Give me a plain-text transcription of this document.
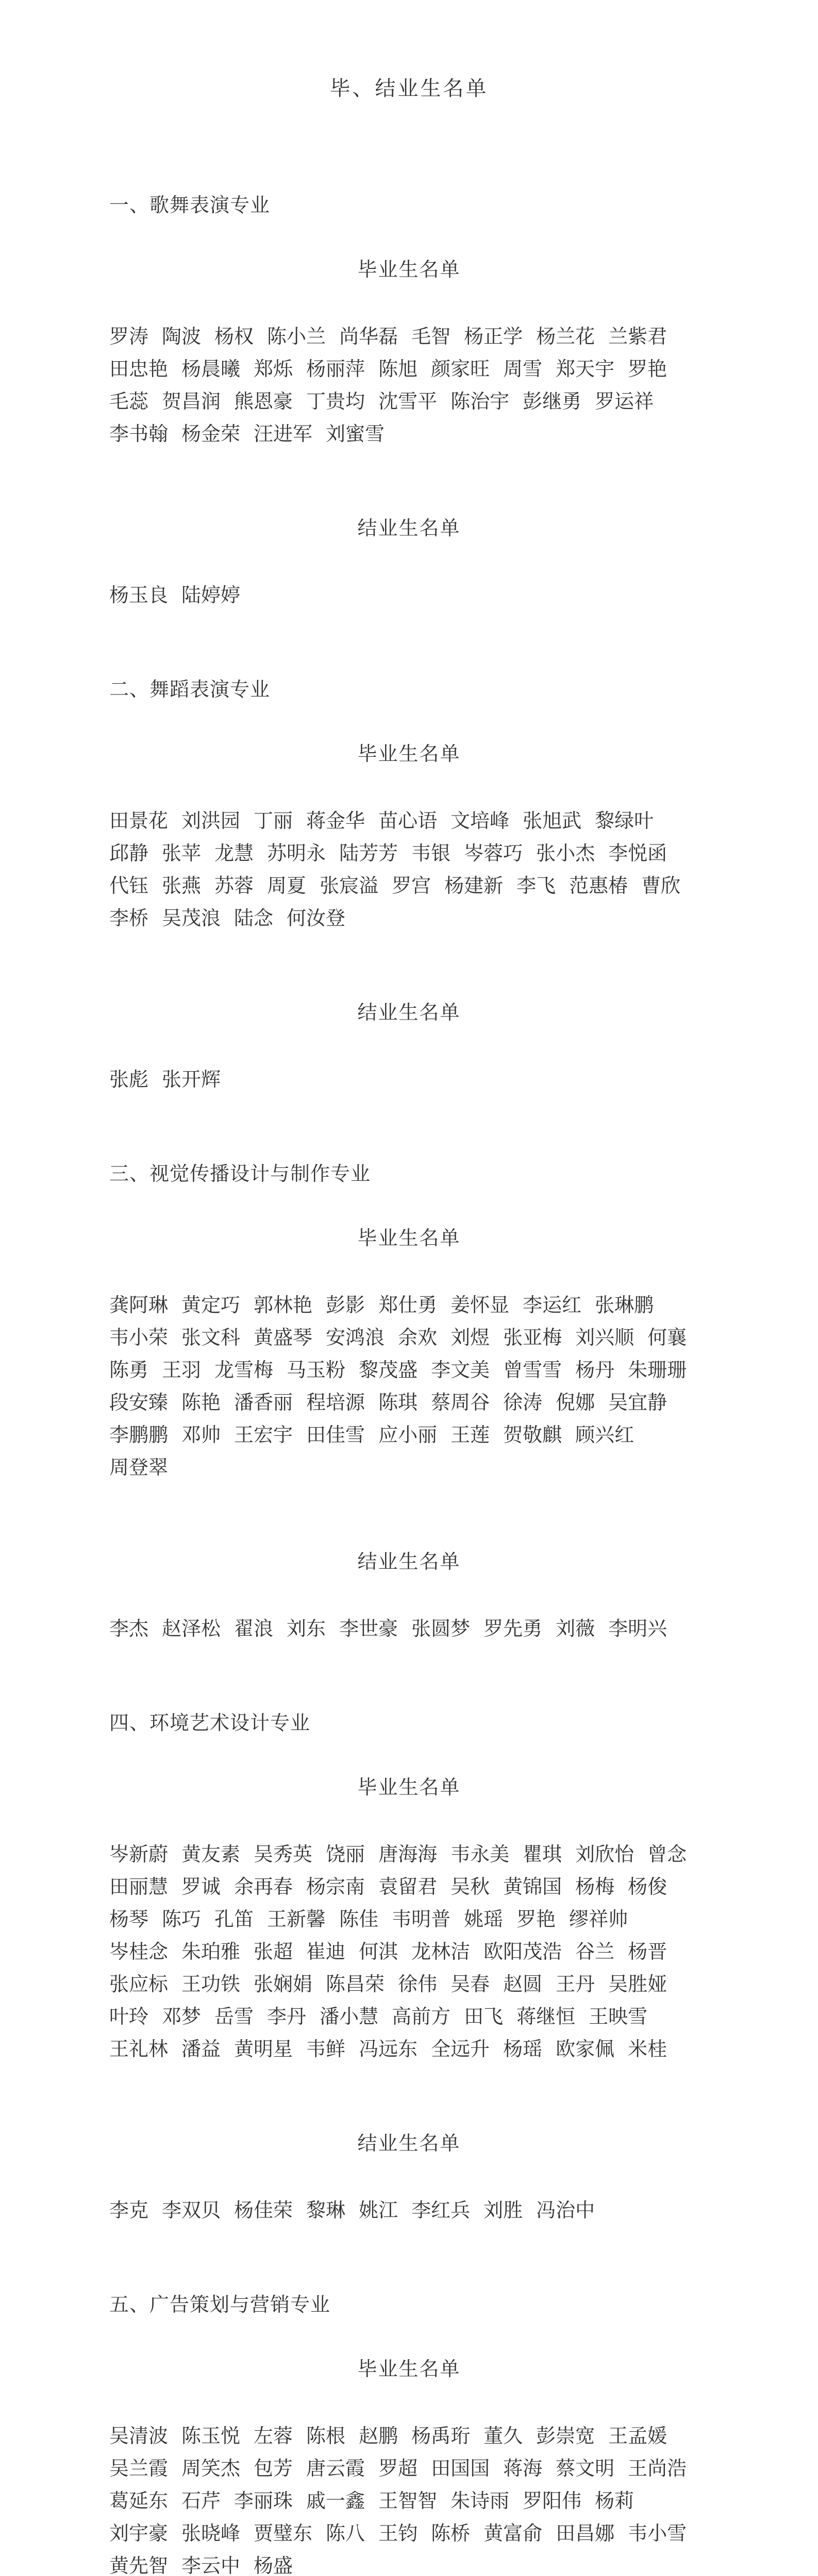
毕、结业生名单
一、歌舞表演专业
毕业生名单
罗涛 陶波 杨权 陈小兰 尚华磊 毛智 杨正学 杨兰花 兰紫君田忠艳 杨晨曦 郑烁 杨丽萍 陈旭 颜家旺 周雪 郑天宇 罗艳毛蕊 贺昌润 熊恩豪 丁贵均 沈雪平 陈治宇 彭继勇 罗运祥李书翰 杨金荣 汪进军 刘蜜雪
结业生名单
杨玉良 陆婷婷
二、舞蹈表演专业
毕业生名单
田景花 刘洪园 丁丽 蒋金华 苗心语 文培峰 张旭武 黎绿叶邱静 张苹 龙慧 苏明永 陆芳芳 韦银 岑蓉巧 张小杰 李悦函代钰 张燕 苏蓉 周夏 张宸溢 罗宫 杨建新 李飞 范惠椿 曹欣李桥 吴茂浪 陆念 何汝登
结业生名单
张彪 张开辉
三、视觉传播设计与制作专业
毕业生名单
龚阿琳 黄定巧 郭林艳 彭影 郑仕勇 姜怀显 李运红 张琳鹏韦小荣 张文科 黄盛琴 安鸿浪 余欢 刘煜 张亚梅 刘兴顺 何襄陈勇 王羽 龙雪梅 马玉粉 黎茂盛 李文美 曾雪雪 杨丹 朱珊珊段安臻 陈艳 潘香丽 程培源 陈琪 蔡周谷 徐涛 倪娜 吴宜静李鹏鹏 邓帅 王宏宇 田佳雪 应小丽 王莲 贺敬麒 顾兴红周登翠
结业生名单
李杰 赵泽松 翟浪 刘东 李世豪 张圆梦 罗先勇 刘薇 李明兴
四、环境艺术设计专业
毕业生名单
岑新蔚 黄友素 吴秀英 饶丽 唐海海 韦永美 瞿琪 刘欣怡 曾念田丽慧 罗诚 余再春 杨宗南 袁留君 吴秋 黄锦国 杨梅 杨俊杨琴 陈巧 孔笛 王新馨 陈佳 韦明普 姚瑶 罗艳 缪祥帅岑桂念 朱珀雅 张超 崔迪 何淇 龙林洁 欧阳茂浩 谷兰 杨晋张应标 王功铁 张娴娟 陈昌荣 徐伟 吴春 赵圆 王丹 吴胜娅叶玲 邓梦 岳雪 李丹 潘小慧 高前方 田飞 蒋继恒 王映雪王礼林 潘益 黄明星 韦鲜 冯远东 全远升 杨瑶 欧家佩 米桂
结业生名单
李克 李双贝 杨佳荣 黎琳 姚江 李红兵 刘胜 冯治中
五、广告策划与营销专业
毕业生名单
吴清波 陈玉悦 左蓉 陈根 赵鹏 杨禹珩 董久 彭崇宽 王孟媛吴兰霞 周笑杰 包芳 唐云霞 罗超 田国国 蒋海 蔡文明 王尚浩葛延东 石芹 李丽珠 戚一鑫 王智智 朱诗雨 罗阳伟 杨莉刘宇豪 张晓峰 贾璧东 陈八 王钧 陈桥 黄富俞 田昌娜 韦小雪黄先智 李云中 杨盛
